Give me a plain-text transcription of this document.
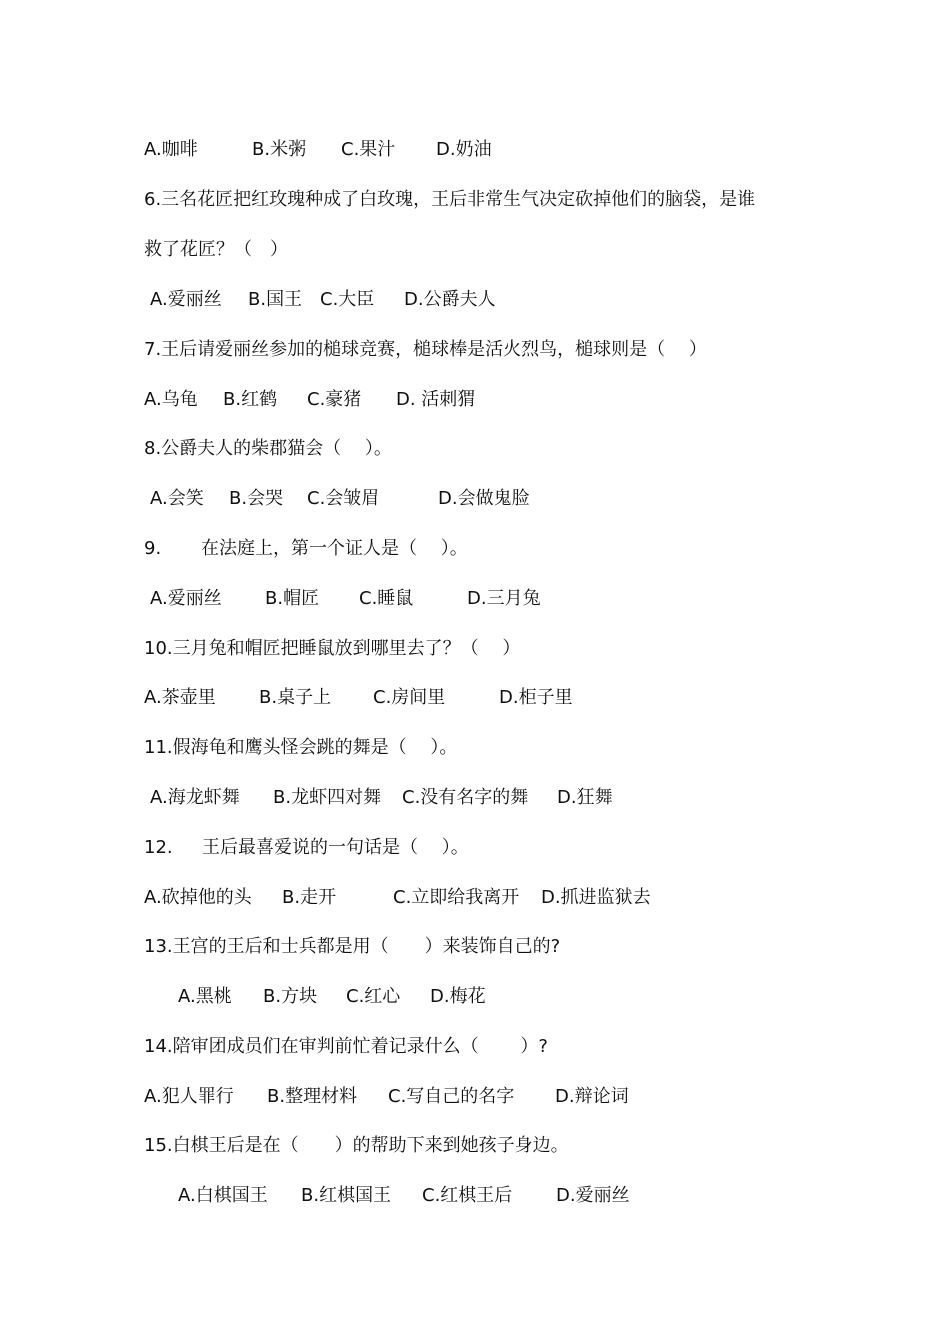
A.咖啡	B.米粥 C.果汁 D.奶油
6.三名花匠把红玫瑰种成了白玫瑰，王后非常生气决定砍掉他们的脑袋，是谁
救了花匠？（　）
A.爱丽丝 B.国王 C.大臣 D.公爵夫人
7.王后请爱丽丝参加的槌球竞赛，槌球棒是活火烈鸟，槌球则是（　 ）
A.乌龟 B.红鹤 C.豪猪 D. 活刺猬
8.公爵夫人的柴郡猫会（　 ）。
A.会笑 B.会哭 C.会皱眉	D.会做鬼脸
9. 在法庭上，第一个证人是（　 ）。
A.爱丽丝 B.帽匠 C.睡鼠	D.三月兔
10.三月兔和帽匠把睡鼠放到哪里去了？（　 ）
A.茶壶里 B.桌子上 C.房间里	D.柜子里
11.假海龟和鹰头怪会跳的舞是（　 ）。
A.海龙虾舞 B.龙虾四对舞 C.没有名字的舞 D.狂舞
12. 王后最喜爱说的一句话是（　 ）。
A.砍掉他的头 B.走开	C.立即给我离开 D.抓进监狱去
13.王宫的王后和士兵都是用（　　）来装饰自己的?
A.黑桃 B.方块 C.红心 D.梅花
14.陪审团成员们在审判前忙着记录什么（　　 ）?
A.犯人罪行 B.整理材料 C.写自己的名字 D.辩论词
15.白棋王后是在（　　）的帮助下来到她孩子身边。
A.白棋国王 B.红棋国王 C.红棋王后 D.爱丽丝
